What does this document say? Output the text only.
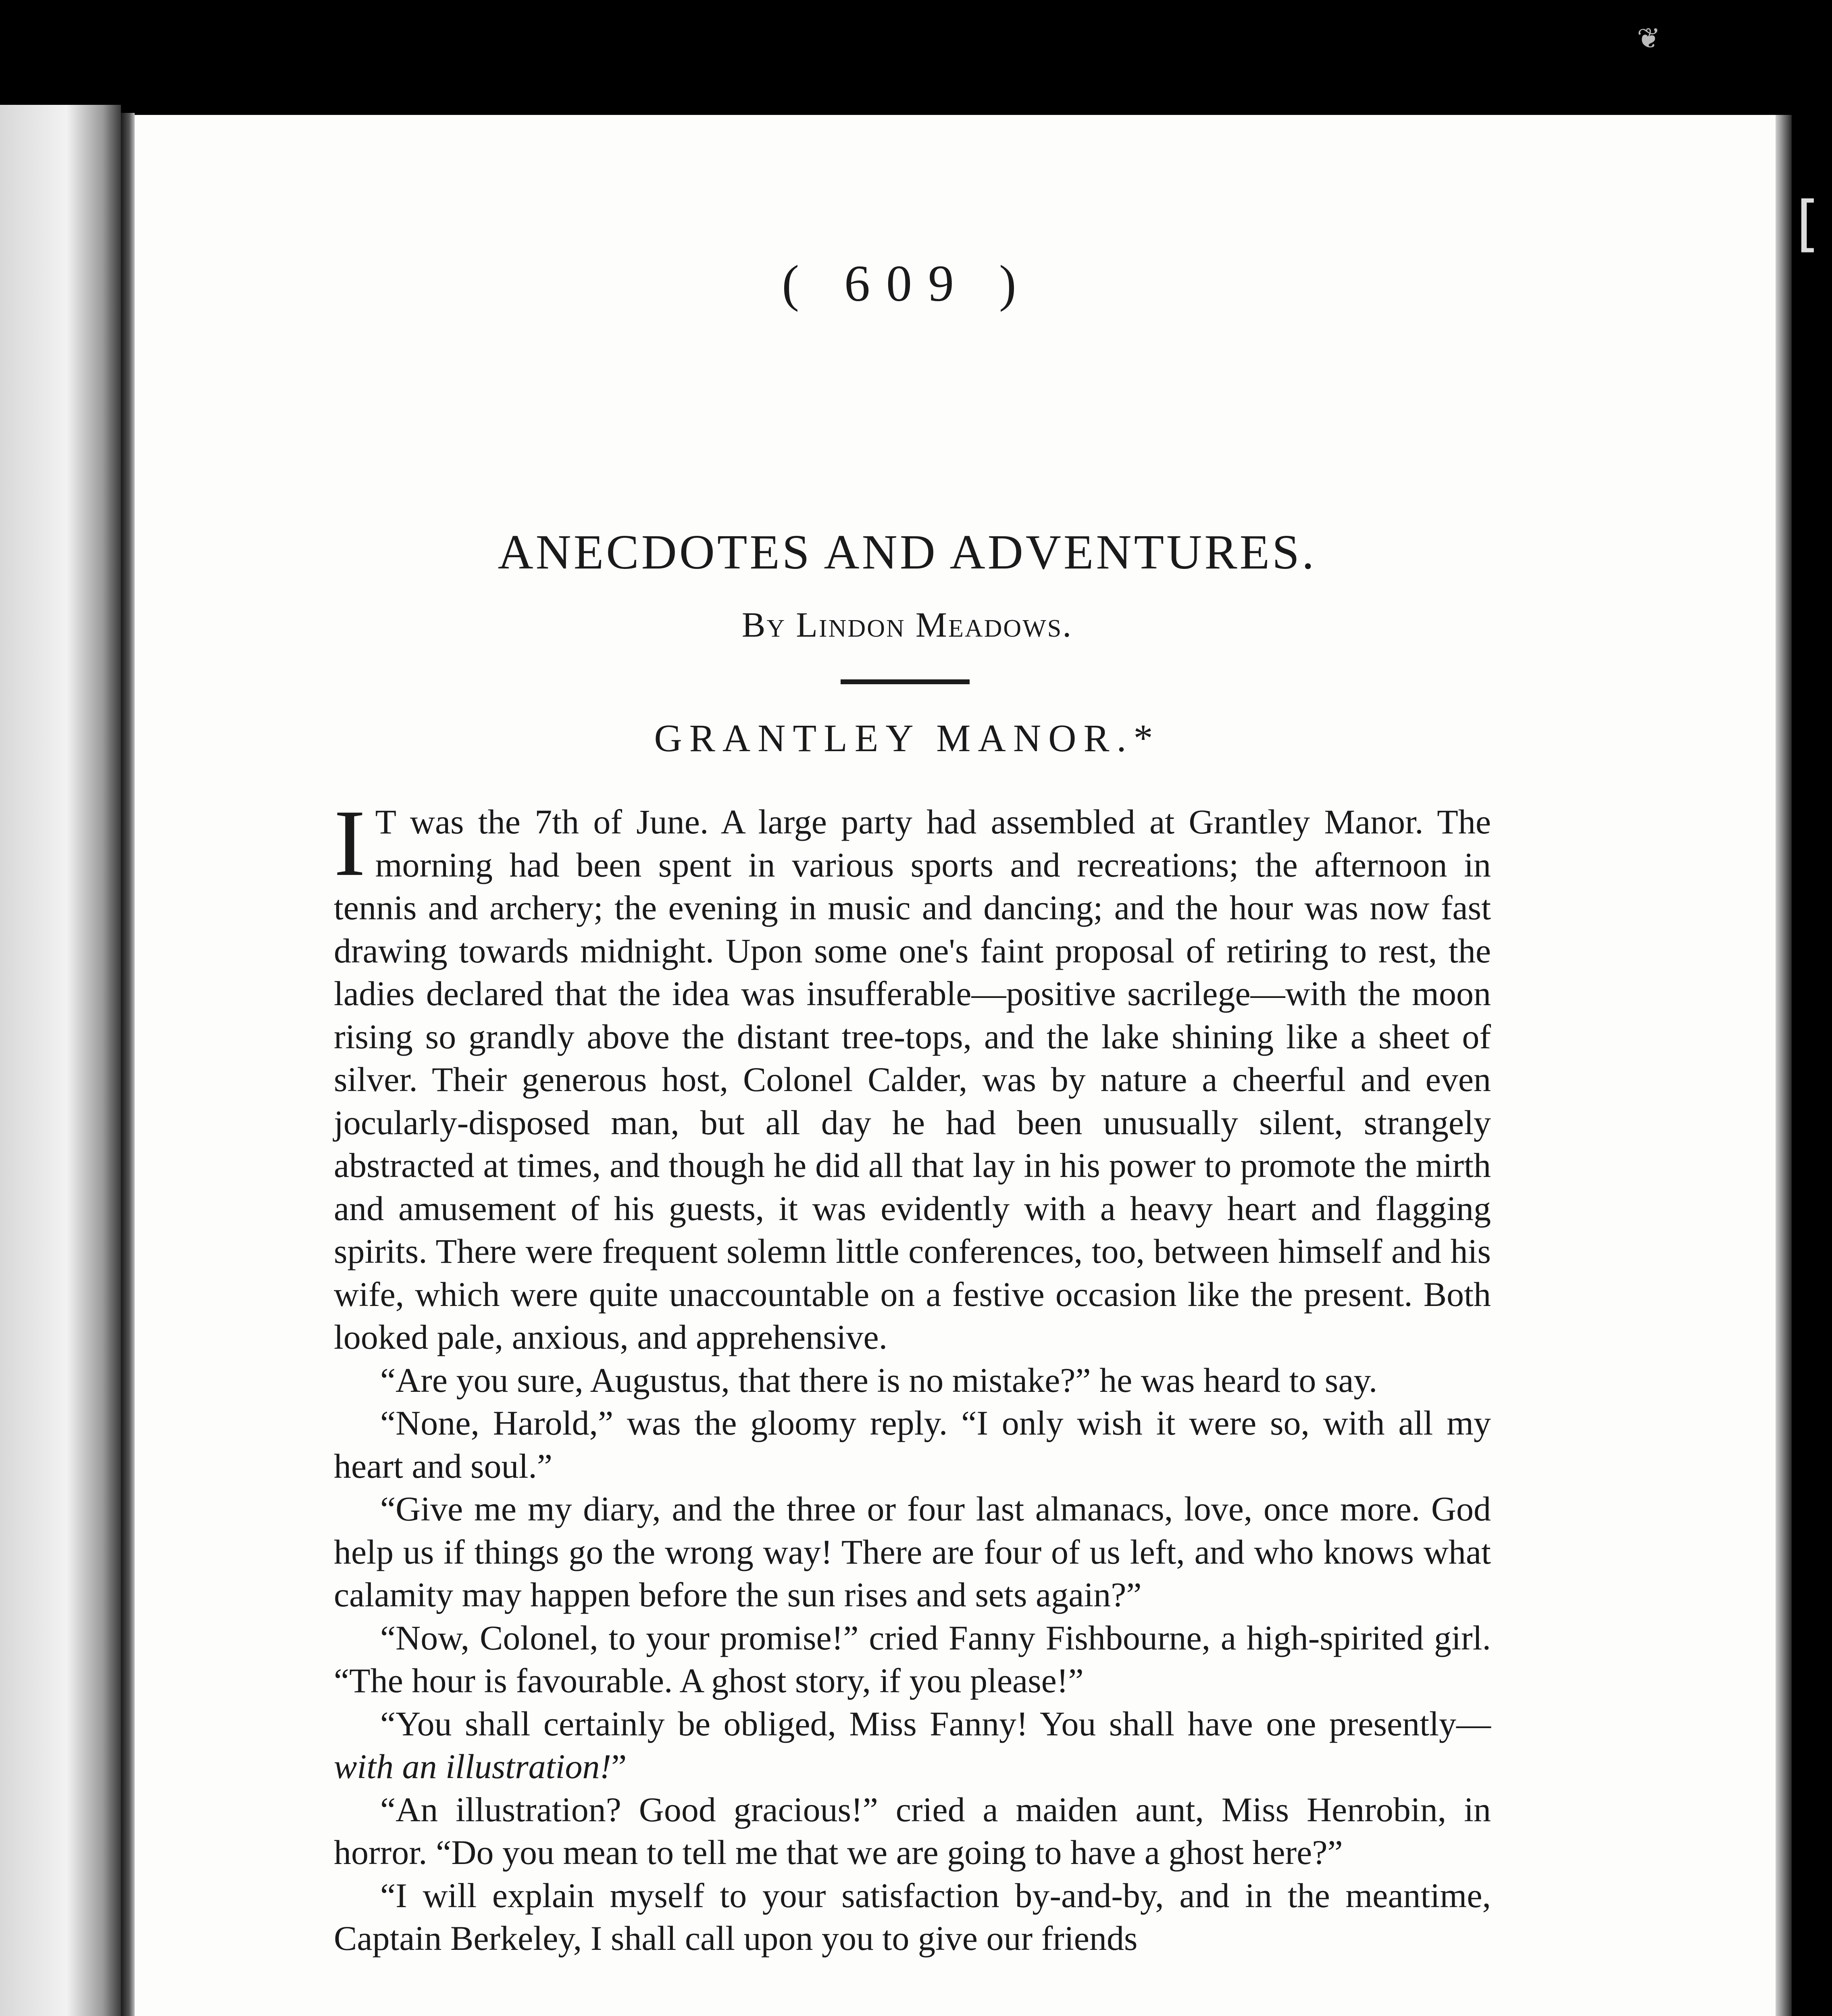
❦
[
( 609 )
ANECDOTES AND ADVENTURES.
By Lindon Meadows.
GRANTLEY MANOR.*

I T was the 7th of June. A large party had assembled at Grantley Manor. The morning had been spent in various sports and recreations; the afternoon in tennis and archery; the evening in music and dancing; and the hour was now fast drawing towards midnight. Upon some one's faint proposal of retiring to rest, the ladies declared that the idea was insufferable—positive sacrilege—with the moon rising so grandly above the distant tree-tops, and the lake shining like a sheet of silver. Their generous host, Colonel Calder, was by nature a cheerful and even jocularly-disposed man, but all day he had been unusually silent, strangely abstracted at times, and though he did all that lay in his power to promote the mirth and amusement of his guests, it was evidently with a heavy heart and flagging spirits. There were frequent solemn little conferences, too, between himself and his wife, which were quite unaccountable on a festive occasion like the present. Both looked pale, anxious, and apprehensive.

“Are you sure, Augustus, that there is no mistake?” he was heard to say.

“None, Harold,” was the gloomy reply. “I only wish it were so, with all my heart and soul.”

“Give me my diary, and the three or four last almanacs, love, once more. God help us if things go the wrong way! There are four of us left, and who knows what calamity may happen before the sun rises and sets again?”

“Now, Colonel, to your promise!” cried Fanny Fishbourne, a high-spirited girl. “The hour is favourable. A ghost story, if you please!”

“You shall certainly be obliged, Miss Fanny! You shall have one presently—with an illustration!”

“An illustration? Good gracious!” cried a maiden aunt, Miss Henrobin, in horror. “Do you mean to tell me that we are going to have a ghost here?”

“I will explain myself to your satisfaction by-and-by, and in the meantime, Captain Berkeley, I shall call upon you to give our friends
